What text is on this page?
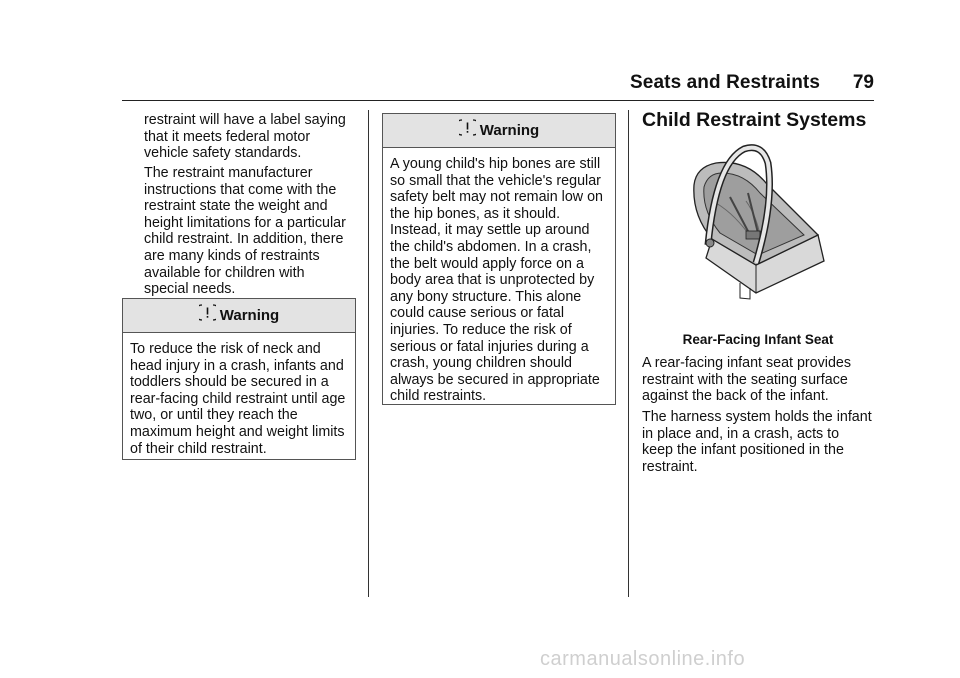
Seats and Restraints 79

restraint will have a label saying
that it meets federal motor
vehicle safety standards.

The restraint manufacturer
instructions that come with the
restraint state the weight and
height limitations for a particular
child restraint. In addition, there
are many kinds of restraints
available for children with
special needs.

Warning
To reduce the risk of neck and
head injury in a crash, infants and
toddlers should be secured in a
rear-facing child restraint until age
two, or until they reach the
maximum height and weight limits
of their child restraint.
Warning
A young child's hip bones are still
so small that the vehicle's regular
safety belt may not remain low on
the hip bones, as it should.
Instead, it may settle up around
the child's abdomen. In a crash,
the belt would apply force on a
body area that is unprotected by
any bony structure. This alone
could cause serious or fatal
injuries. To reduce the risk of
serious or fatal injuries during a
crash, young children should
always be secured in appropriate
child restraints.
Child Restraint Systems
Rear-Facing Infant Seat

A rear-facing infant seat provides
restraint with the seating surface
against the back of the infant.

The harness system holds the infant
in place and, in a crash, acts to
keep the infant positioned in the
restraint.

carmanualsonline.info
